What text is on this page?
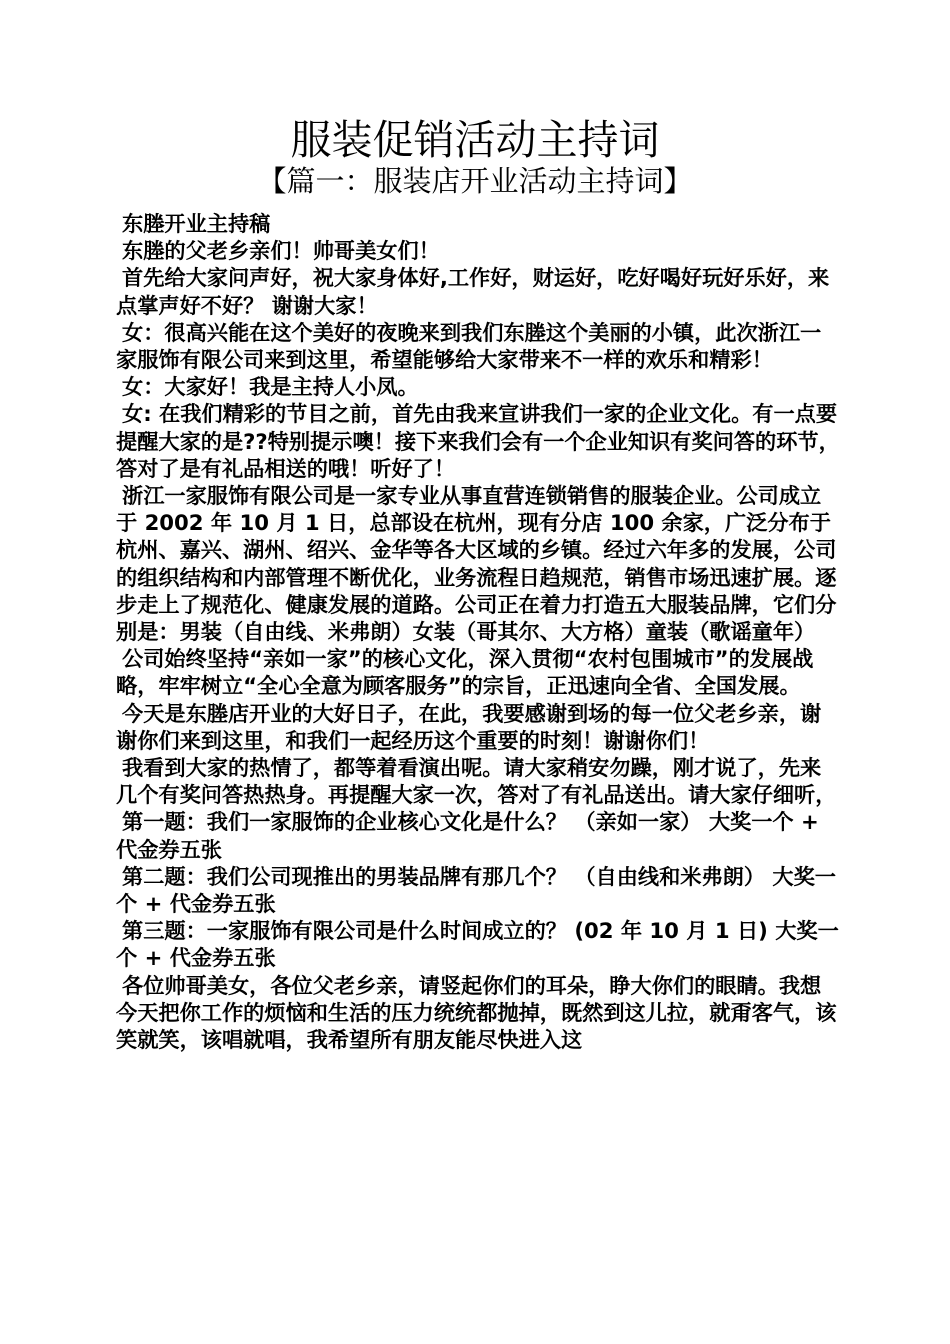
服装促销活动主持词
【篇一：服装店开业活动主持词】

东塍开业主持稿

东塍的父老乡亲们！帅哥美女们！

首先给大家问声好，祝大家身体好,工作好，财运好，吃好喝好玩好乐好，来点掌声好不好？ 谢谢大家！

女：很高兴能在这个美好的夜晚来到我们东塍这个美丽的小镇，此次浙江一家服饰有限公司来到这里，希望能够给大家带来不一样的欢乐和精彩！

女：大家好！我是主持人小凤。

女: 在我们精彩的节目之前，首先由我来宣讲我们一家的企业文化。有一点要提醒大家的是??特别提示噢！接下来我们会有一个企业知识有奖问答的环节，答对了是有礼品相送的哦！听好了！

浙江一家服饰有限公司是一家专业从事直营连锁销售的服装企业。公司成立于 2002 年 10 月 1 日，总部设在杭州，现有分店 100 余家，广泛分布于杭州、嘉兴、湖州、绍兴、金华等各大区域的乡镇。经过六年多的发展，公司的组织结构和内部管理不断优化，业务流程日趋规范，销售市场迅速扩展。逐步走上了规范化、健康发展的道路。公司正在着力打造五大服装品牌，它们分别是：男装（自由线、米弗朗）女装（哥其尔、大方格）童装（歌谣童年）

公司始终坚持“亲如一家”的核心文化，深入贯彻“农村包围城市”的发展战略，牢牢树立“全心全意为顾客服务”的宗旨，正迅速向全省、全国发展。

今天是东塍店开业的大好日子，在此，我要感谢到场的每一位父老乡亲，谢谢你们来到这里，和我们一起经历这个重要的时刻！谢谢你们！

我看到大家的热情了，都等着看演出呢。请大家稍安勿躁，刚才说了，先来几个有奖问答热热身。再提醒大家一次，答对了有礼品送出。请大家仔细听，

第一题：我们一家服饰的企业核心文化是什么？ （亲如一家） 大奖一个 + 代金券五张

第二题：我们公司现推出的男装品牌有那几个？ （自由线和米弗朗） 大奖一个 + 代金券五张

第三题：一家服饰有限公司是什么时间成立的？ (02 年 10 月 1 日) 大奖一个 + 代金券五张

各位帅哥美女，各位父老乡亲，请竖起你们的耳朵，睁大你们的眼睛。我想今天把你工作的烦恼和生活的压力统统都抛掉，既然到这儿拉，就甭客气，该笑就笑，该唱就唱，我希望所有朋友能尽快进入这
